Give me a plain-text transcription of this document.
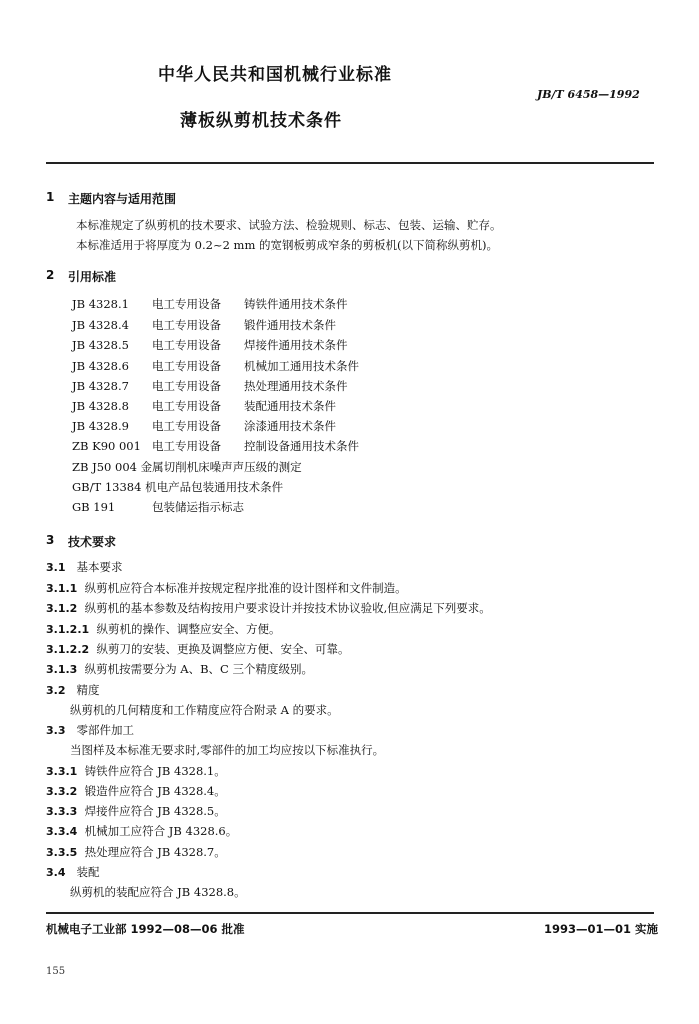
中华人民共和国机械行业标准
JB/T 6458—1992
薄板纵剪机技术条件
1 主题内容与适用范围
本标准规定了纵剪机的技术要求、试验方法、检验规则、标志、包装、运输、贮存。
本标准适用于将厚度为 0.2~2 mm 的宽钢板剪成窄条的剪板机(以下简称纵剪机)。
2 引用标准
JB 4328.1 电工专用设备 铸铁件通用技术条件
JB 4328.4 电工专用设备 锻件通用技术条件
JB 4328.5 电工专用设备 焊接件通用技术条件
JB 4328.6 电工专用设备 机械加工通用技术条件
JB 4328.7 电工专用设备 热处理通用技术条件
JB 4328.8 电工专用设备 装配通用技术条件
JB 4328.9 电工专用设备 涂漆通用技术条件
ZB K90 001 电工专用设备 控制设备通用技术条件
ZB J50 004 金属切削机床噪声声压级的测定
GB/T 13384 机电产品包装通用技术条件
GB 191	包装储运指示标志
3 技术要求
3.1 基本要求
3.1.1 纵剪机应符合本标准并按规定程序批准的设计图样和文件制造。
3.1.2 纵剪机的基本参数及结构按用户要求设计并按技术协议验收,但应满足下列要求。
3.1.2.1 纵剪机的操作、调整应安全、方便。
3.1.2.2 纵剪刀的安装、更换及调整应方便、安全、可靠。
3.1.3 纵剪机按需要分为 A、B、C 三个精度级别。
3.2 精度
纵剪机的几何精度和工作精度应符合附录 A 的要求。
3.3 零部件加工
当图样及本标准无要求时,零部件的加工均应按以下标准执行。
3.3.1 铸铁件应符合 JB 4328.1。
3.3.2 锻造件应符合 JB 4328.4。
3.3.3 焊接件应符合 JB 4328.5。
3.3.4 机械加工应符合 JB 4328.6。
3.3.5 热处理应符合 JB 4328.7。
3.4 装配
纵剪机的装配应符合 JB 4328.8。
机械电子工业部 1992—08—06 批准	1993—01—01 实施
155
